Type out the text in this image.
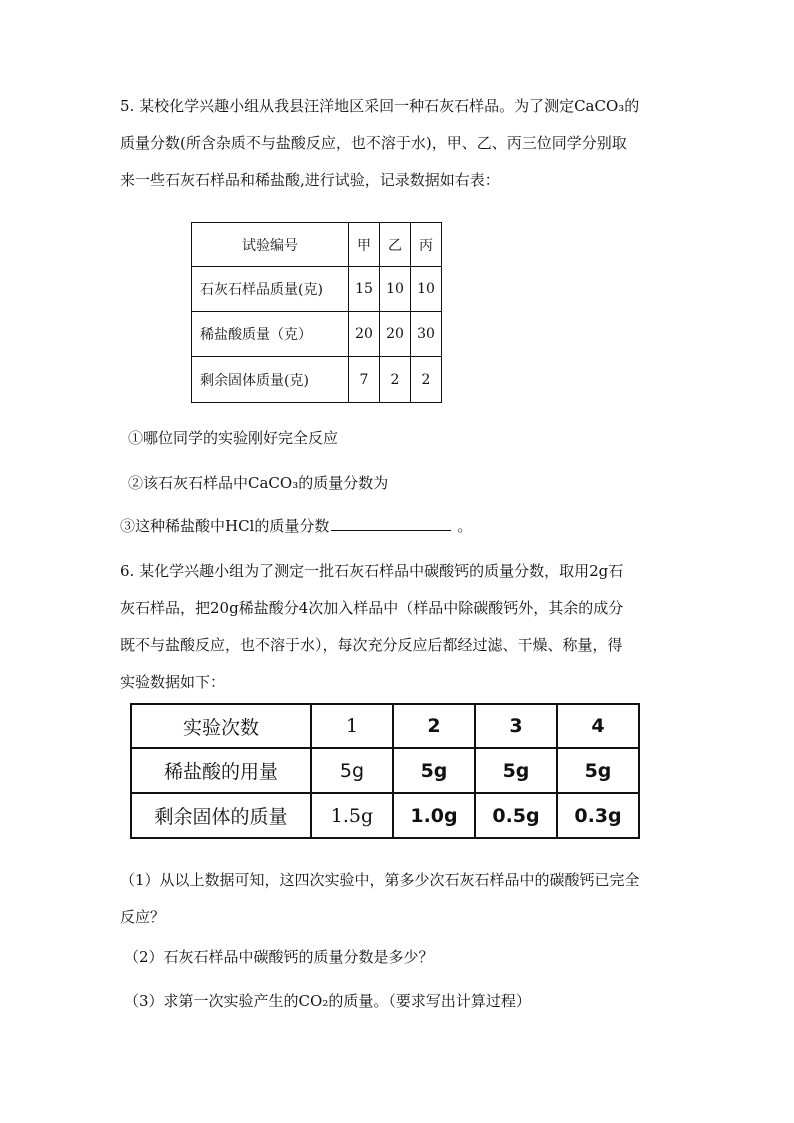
5. 某校化学兴趣小组从我县汪洋地区采回一种石灰石样品。为了测定CaCO₃的
质量分数(所含杂质不与盐酸反应，也不溶于水)，甲、乙、丙三位同学分别取
来一些石灰石样品和稀盐酸,进行试验，记录数据如右表：
试验编号	甲	乙	丙
石灰石样品质量(克)	15	10	10
稀盐酸质量（克）	20	20	30
剩余固体质量(克)	7	2	2

①哪位同学的实验刚好完全反应

②该石灰石样品中CaCO₃的质量分数为

③这种稀盐酸中HCl的质量分数	。

6. 某化学兴趣小组为了测定一批石灰石样品中碳酸钙的质量分数，取用2g石
灰石样品，把20g稀盐酸分4次加入样品中（样品中除碳酸钙外，其余的成分
既不与盐酸反应，也不溶于水），每次充分反应后都经过滤、干燥、称量，得
实验数据如下：
实验次数	1	2	3	4
稀盐酸的用量	5g	5g	5g	5g
剩余固体的质量	1.5g	1.0g	0.5g	0.3g
（1）从以上数据可知，这四次实验中，第多少次石灰石样品中的碳酸钙已完全
反应？

（2）石灰石样品中碳酸钙的质量分数是多少？

（3）求第一次实验产生的CO₂的质量。（要求写出计算过程）
